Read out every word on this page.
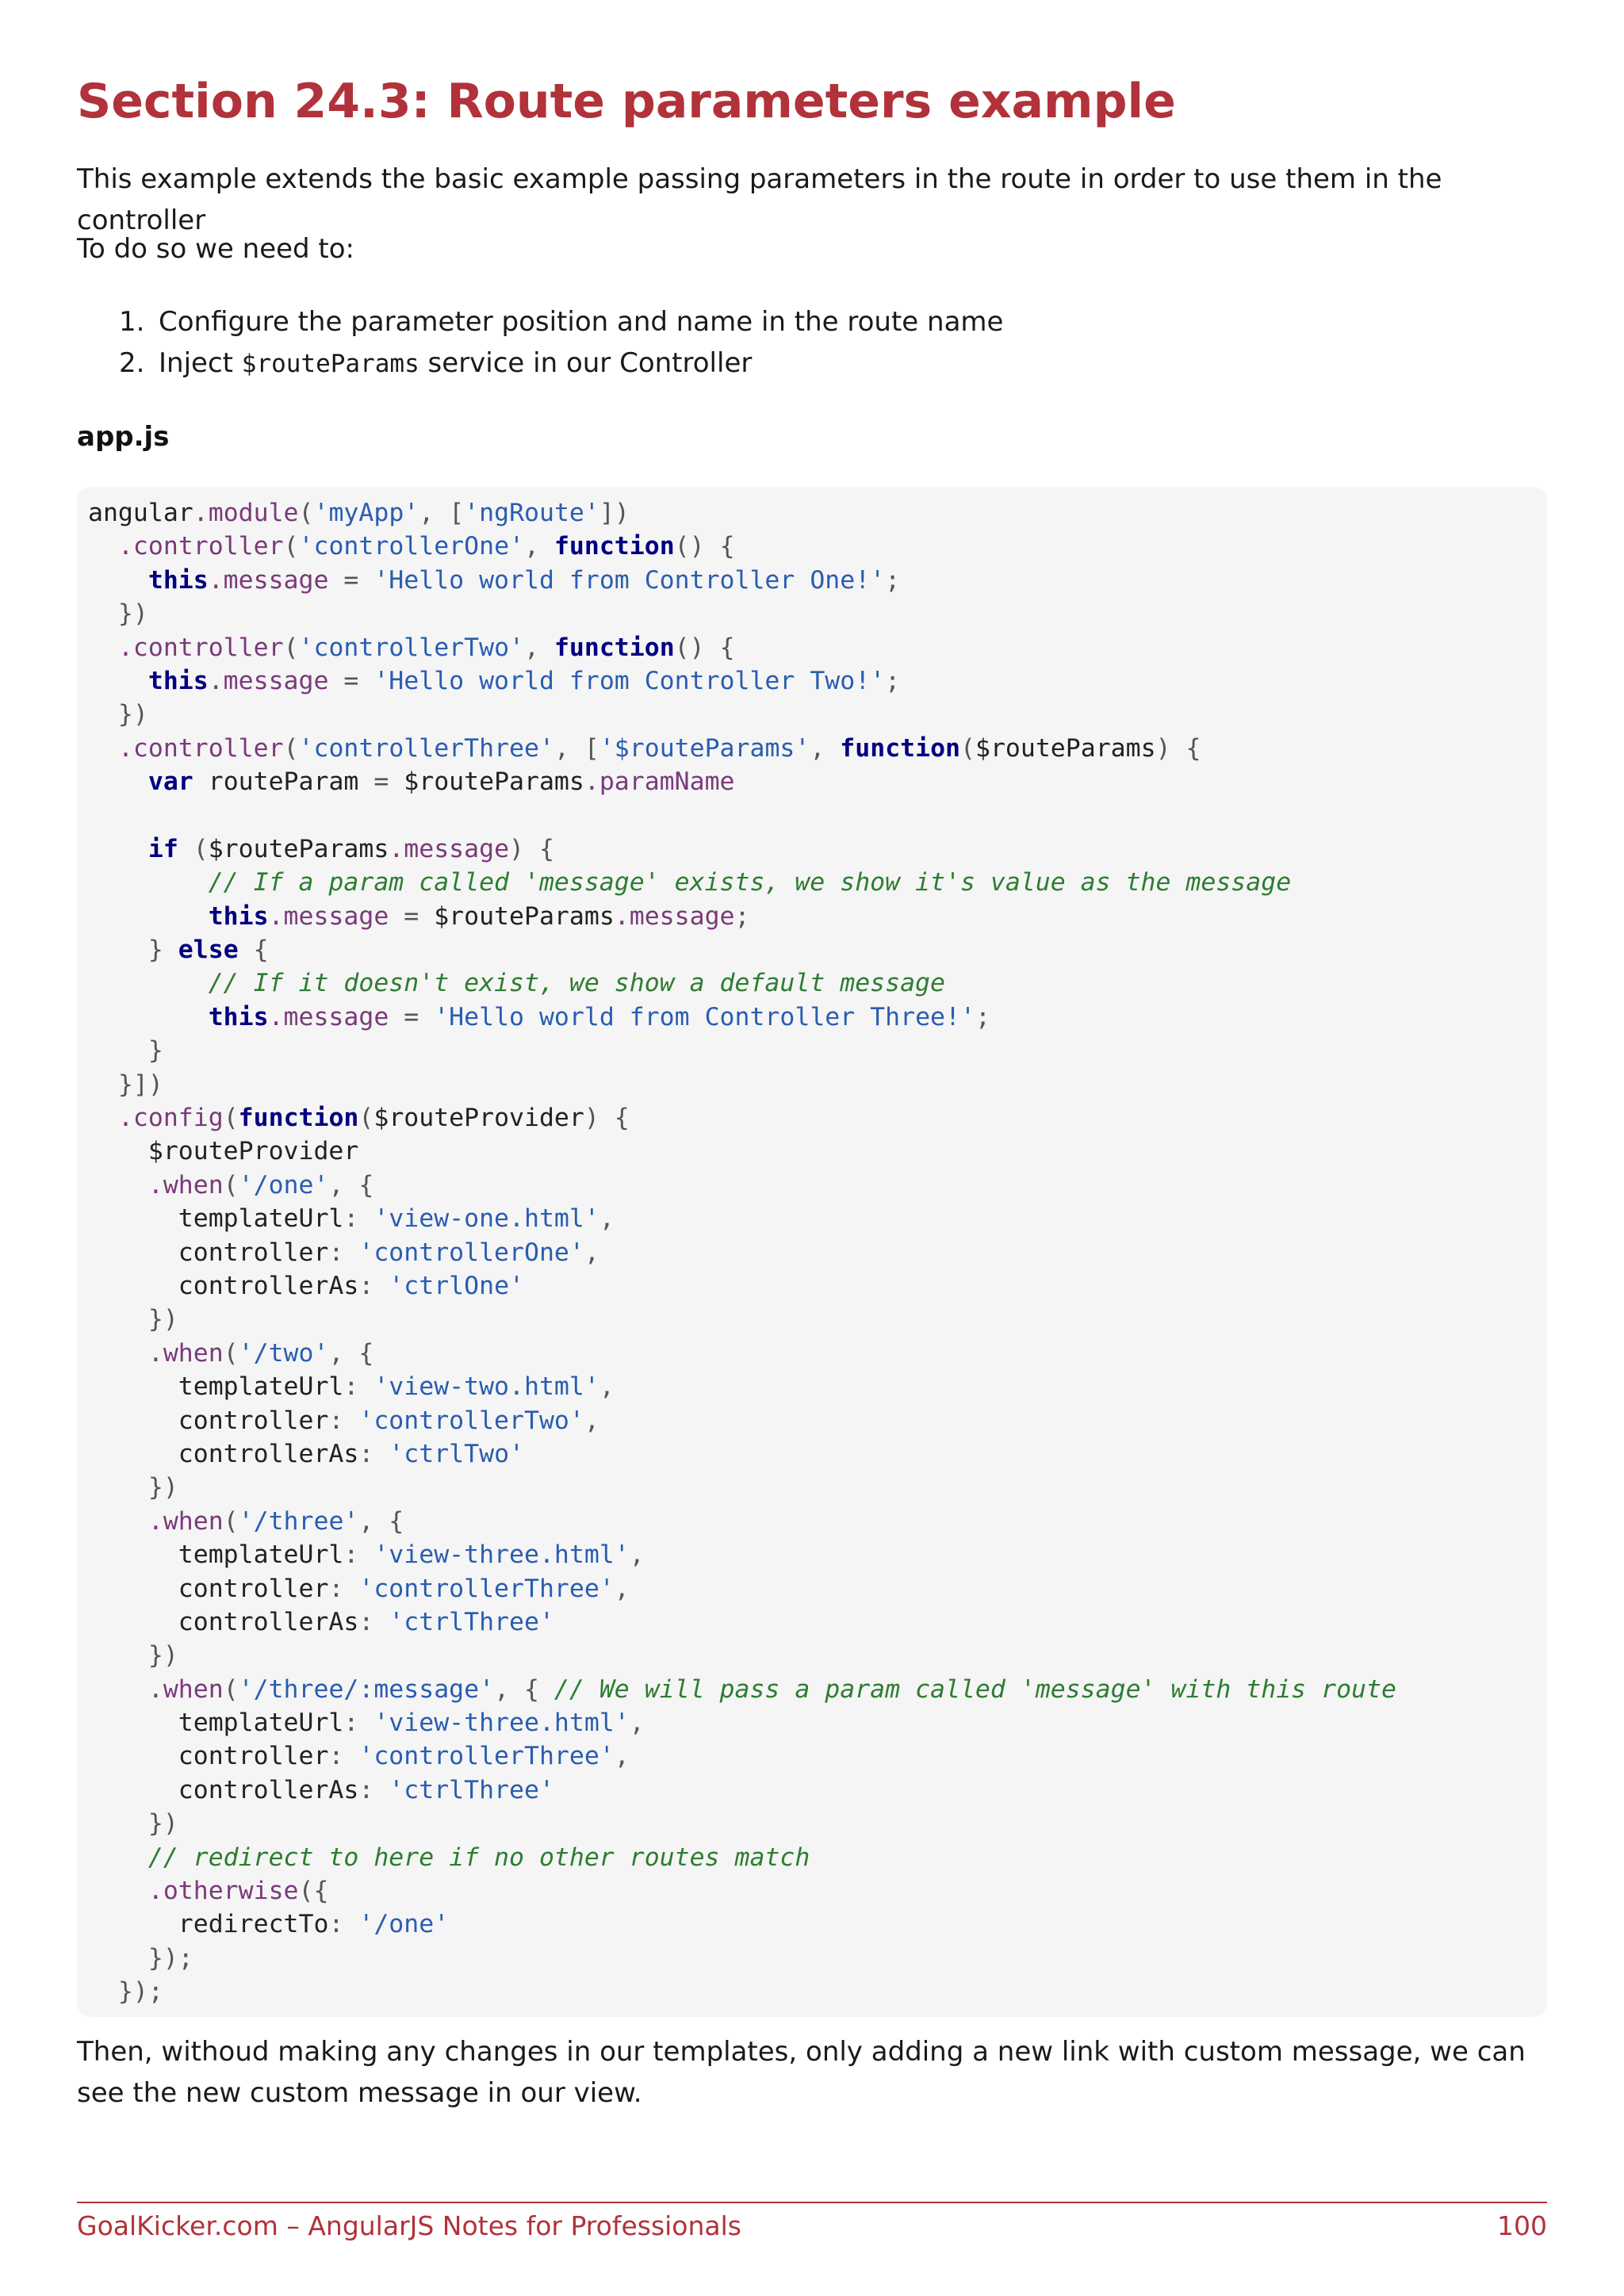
Section 24.3: Route parameters example

This example extends the basic example passing parameters in the route in order to use them in the controller

To do so we need to:

1. Configure the parameter position and name in the route name
2. Inject $routeParams service in our Controller

app.js

angular.module('myApp', ['ngRoute'])
.controller('controllerOne', function() {
this.message = 'Hello world from Controller One!';
})
.controller('controllerTwo', function() {
this.message = 'Hello world from Controller Two!';
})
.controller('controllerThree', ['$routeParams', function($routeParams) {
var routeParam = $routeParams.paramName
if ($routeParams.message) {
// If a param called 'message' exists, we show it's value as the message
this.message = $routeParams.message;
} else {
// If it doesn't exist, we show a default message
this.message = 'Hello world from Controller Three!';
}
}])
.config(function($routeProvider) {
$routeProvider
.when('/one', {
templateUrl: 'view-one.html',
controller: 'controllerOne',
controllerAs: 'ctrlOne'
})
.when('/two', {
templateUrl: 'view-two.html',
controller: 'controllerTwo',
controllerAs: 'ctrlTwo'
})
.when('/three', {
templateUrl: 'view-three.html',
controller: 'controllerThree',
controllerAs: 'ctrlThree'
})
.when('/three/:message', { // We will pass a param called 'message' with this route
templateUrl: 'view-three.html',
controller: 'controllerThree',
controllerAs: 'ctrlThree'
})
// redirect to here if no other routes match
.otherwise({
redirectTo: '/one'
});
});

Then, withoud making any changes in our templates, only adding a new link with custom message, we can see the new custom message in our view.

GoalKicker.com – AngularJS Notes for Professionals	100
